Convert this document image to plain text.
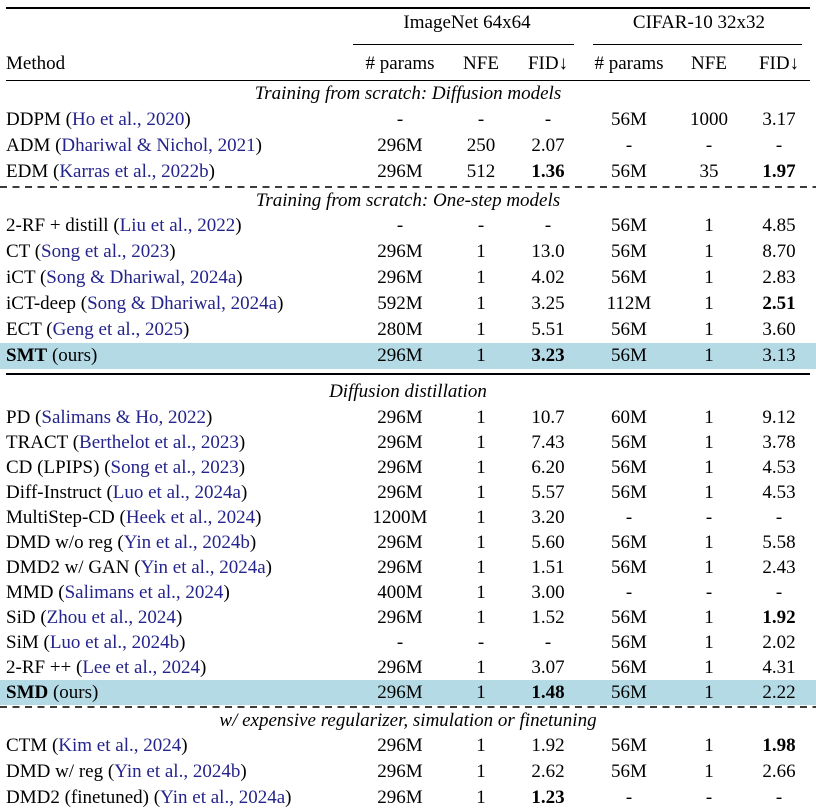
ImageNet 64x64	CIFAR-10 32x32
Method	# params	NFE	FID↓	# params	NFE	FID↓
Training from scratch: Diffusion models
DDPM (Ho et al., 2020)	-	-	-	56M	1000	3.17
ADM (Dhariwal & Nichol, 2021)	296M	250	2.07	-	-	-
EDM (Karras et al., 2022b)	296M	512	1.36	56M	35	1.97
Training from scratch: One-step models
2-RF + distill (Liu et al., 2022)	-	-	-	56M	1	4.85
CT (Song et al., 2023)	296M	1	13.0	56M	1	8.70
iCT (Song & Dhariwal, 2024a)	296M	1	4.02	56M	1	2.83
iCT-deep (Song & Dhariwal, 2024a)	592M	1	3.25	112M	1	2.51
ECT (Geng et al., 2025)	280M	1	5.51	56M	1	3.60
SMT (ours)	296M	1	3.23	56M	1	3.13
Diffusion distillation
PD (Salimans & Ho, 2022)	296M	1	10.7	60M	1	9.12
TRACT (Berthelot et al., 2023)	296M	1	7.43	56M	1	3.78
CD (LPIPS) (Song et al., 2023)	296M	1	6.20	56M	1	4.53
Diff-Instruct (Luo et al., 2024a)	296M	1	5.57	56M	1	4.53
MultiStep-CD (Heek et al., 2024)	1200M	1	3.20	-	-	-
DMD w/o reg (Yin et al., 2024b)	296M	1	5.60	56M	1	5.58
DMD2 w/ GAN (Yin et al., 2024a)	296M	1	1.51	56M	1	2.43
MMD (Salimans et al., 2024)	400M	1	3.00	-	-	-
SiD (Zhou et al., 2024)	296M	1	1.52	56M	1	1.92
SiM (Luo et al., 2024b)	-	-	-	56M	1	2.02
2-RF ++ (Lee et al., 2024)	296M	1	3.07	56M	1	4.31
SMD (ours)	296M	1	1.48	56M	1	2.22
w/ expensive regularizer, simulation or finetuning
CTM (Kim et al., 2024)	296M	1	1.92	56M	1	1.98
DMD w/ reg (Yin et al., 2024b)	296M	1	2.62	56M	1	2.66
DMD2 (finetuned) (Yin et al., 2024a)	296M	1	1.23	-	-	-
